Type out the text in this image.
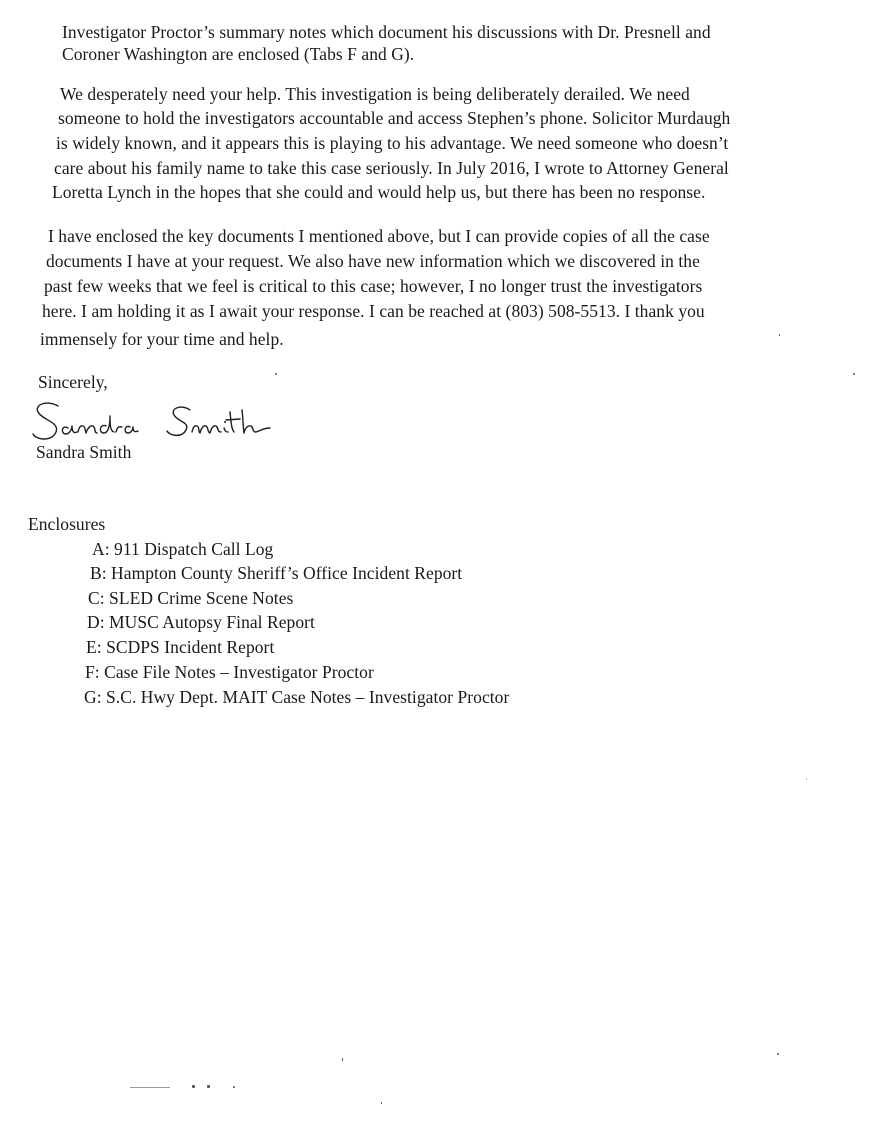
Investigator Proctor’s summary notes which document his discussions with Dr. Presnell and
Coroner Washington are enclosed (Tabs F and G).
We desperately need your help. This investigation is being deliberately derailed. We need
someone to hold the investigators accountable and access Stephen’s phone. Solicitor Murdaugh
is widely known, and it appears this is playing to his advantage. We need someone who doesn’t
care about his family name to take this case seriously. In July 2016, I wrote to Attorney General
Loretta Lynch in the hopes that she could and would help us, but there has been no response.
I have enclosed the key documents I mentioned above, but I can provide copies of all the case
documents I have at your request. We also have new information which we discovered in the
past few weeks that we feel is critical to this case; however, I no longer trust the investigators
here. I am holding it as I await your response. I can be reached at (803) 508-5513. I thank you
immensely for your time and help.
Sincerely,
Sandra Smith
Enclosures
A: 911 Dispatch Call Log
B: Hampton County Sheriff’s Office Incident Report
C: SLED Crime Scene Notes
D: MUSC Autopsy Final Report
E: SCDPS Incident Report
F: Case File Notes – Investigator Proctor
G: S.C. Hwy Dept. MAIT Case Notes – Investigator Proctor
